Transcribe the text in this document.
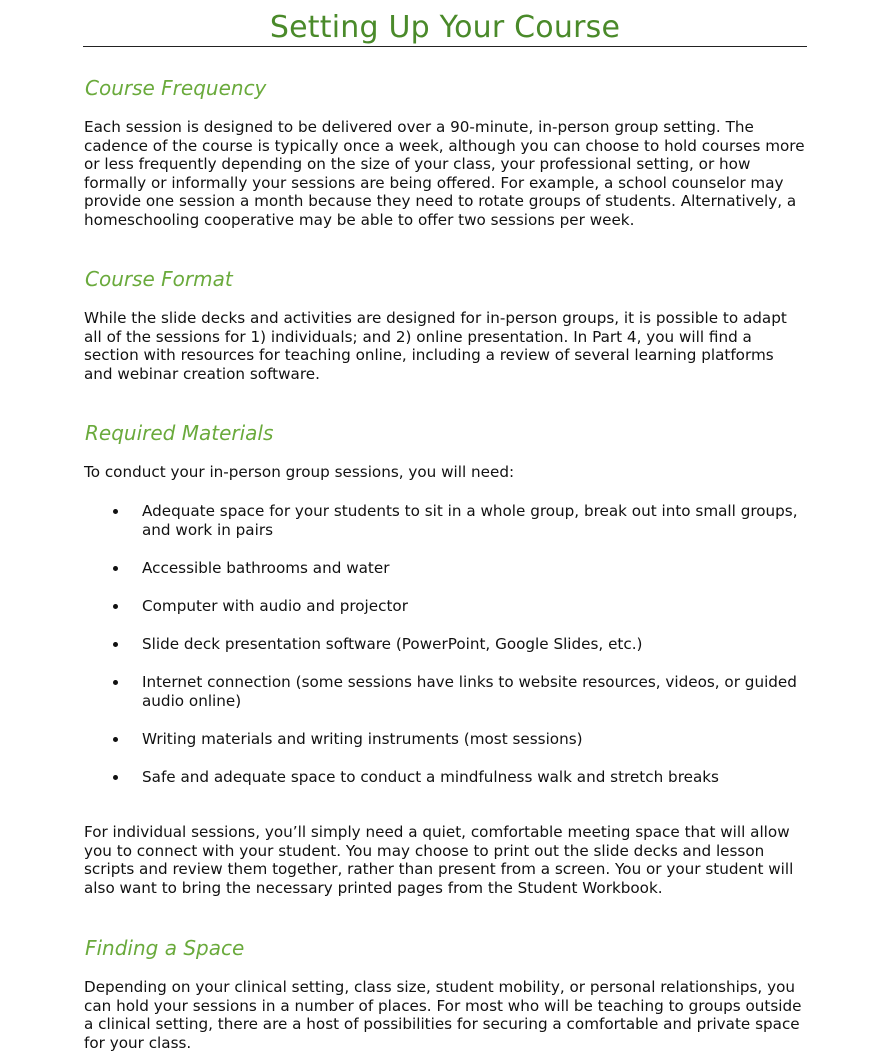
Setting Up Your Course
Course Frequency

Each session is designed to be delivered over a 90-minute, in-person group setting. The cadence of the course is typically once a week, although you can choose to hold courses more or less frequently depending on the size of your class, your professional setting, or how formally or informally your sessions are being offered. For example, a school counselor may provide one session a month because they need to rotate groups of students. Alternatively, a homeschooling cooperative may be able to offer two sessions per week.

Course Format

While the slide decks and activities are designed for in-person groups, it is possible to adapt all of the sessions for 1) individuals; and 2) online presentation. In Part 4, you will find a section with resources for teaching online, including a review of several learning platforms and webinar creation software.

Required Materials

To conduct your in-person group sessions, you will need:

Adequate space for your students to sit in a whole group, break out into small groups, and work in pairs
Accessible bathrooms and water
Computer with audio and projector
Slide deck presentation software (PowerPoint, Google Slides, etc.)
Internet connection (some sessions have links to website resources, videos, or guided audio online)
Writing materials and writing instruments (most sessions)
Safe and adequate space to conduct a mindfulness walk and stretch breaks

For individual sessions, you’ll simply need a quiet, comfortable meeting space that will allow you to connect with your student. You may choose to print out the slide decks and lesson scripts and review them together, rather than present from a screen. You or your student will also want to bring the necessary printed pages from the Student Workbook.

Finding a Space

Depending on your clinical setting, class size, student mobility, or personal relationships, you can hold your sessions in a number of places. For most who will be teaching to groups outside a clinical setting, there are a host of possibilities for securing a comfortable and private space for your class.
